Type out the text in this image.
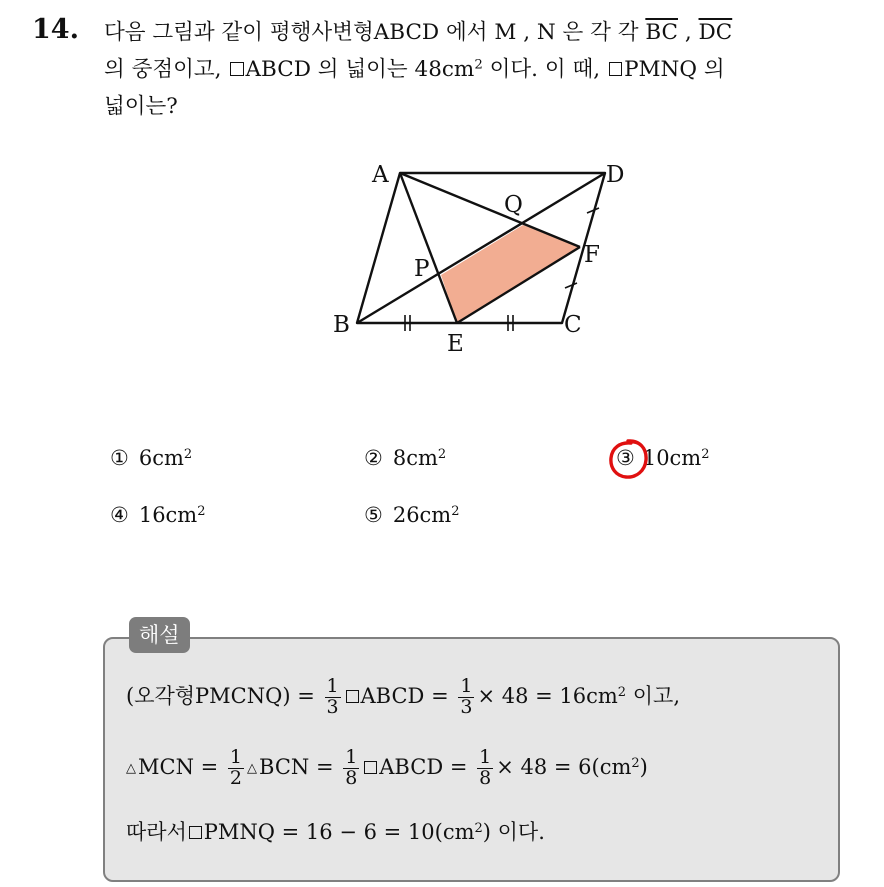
14. 다음 그림과 같이 평행사변형ABCD 에서 M , N 은 각 각 $\overline{BC}$ , $\overline{DC}$
의 중점이고, ABCD 의 넓이는 $48cm^2$ 이다. 이 때, PMNQ 의
넓이는?
A	D
Q
F
P
B	C
E
① $6cm^2$	② $8cm^2$	③ $10cm^2$
④ $16cm^2$	⑤ $26cm^2$
해설
(오각형PMCNQ) = $\frac{1}{3}$ ABCD = $\frac{1}{3} \times 48 = 16cm^2$ 이고,
△MCN = $\frac{1}{2}$ △BCN = $\frac{1}{8}$ ABCD = $\frac{1}{8} \times 48 = 6(cm^2)$
따라서 PMNQ = $16 - 6 = 10(cm^2)$ 이다.
